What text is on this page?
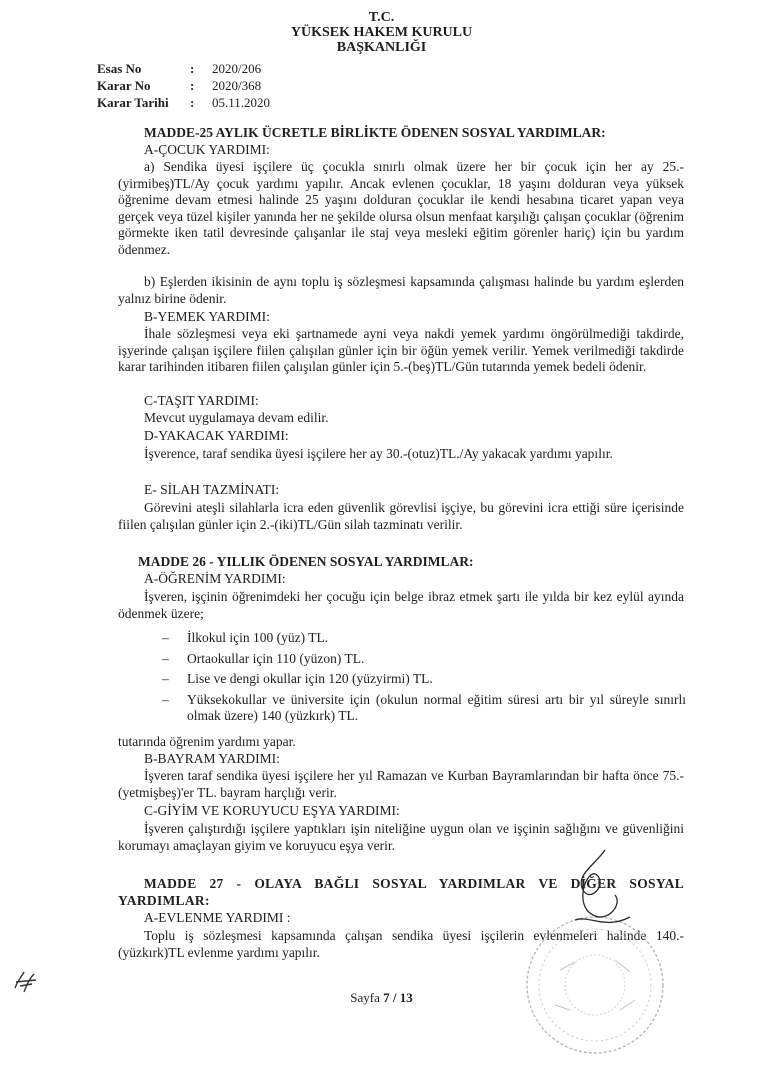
T.C.
YÜKSEK HAKEM KURULU
BAŞKANLIĞI
Esas No	:	2020/206
Karar No	:	2020/368
Karar Tarihi	:	05.11.2020
MADDE-25 AYLIK ÜCRETLE BİRLİKTE ÖDENEN SOSYAL YARDIMLAR:
A-ÇOCUK YARDIMI:
a) Sendika üyesi işçilere üç çocukla sınırlı olmak üzere her bir çocuk için her ay 25.-(yirmibeş)TL/Ay çocuk yardımı yapılır. Ancak evlenen çocuklar, 18 yaşını dolduran veya yüksek öğrenime devam etmesi halinde 25 yaşını dolduran çocuklar ile kendi hesabına ticaret yapan veya gerçek veya tüzel kişiler yanında her ne şekilde olursa olsun menfaat karşılığı çalışan çocuklar (öğrenim görmekte iken tatil devresinde çalışanlar ile staj veya mesleki eğitim görenler hariç) için bu yardım ödenmez.
b) Eşlerden ikisinin de aynı toplu iş sözleşmesi kapsamında çalışması halinde bu yardım eşlerden yalnız birine ödenir.
B-YEMEK YARDIMI:
İhale sözleşmesi veya eki şartnamede ayni veya nakdi yemek yardımı öngörülmediği takdirde, işyerinde çalışan işçilere fiilen çalışılan günler için bir öğün yemek verilir. Yemek verilmediği takdirde karar tarihinden itibaren fiilen çalışılan günler için 5.-(beş)TL/Gün tutarında yemek bedeli ödenir.
C-TAŞIT YARDIMI:
Mevcut uygulamaya devam edilir.
D-YAKACAK YARDIMI:
İşverence, taraf sendika üyesi işçilere her ay 30.-(otuz)TL./Ay yakacak yardımı yapılır.
E- SİLAH TAZMİNATI:
Görevini ateşli silahlarla icra eden güvenlik görevlisi işçiye, bu görevini icra ettiği süre içerisinde fiilen çalışılan günler için 2.-(iki)TL/Gün silah tazminatı verilir.
MADDE 26 - YILLIK ÖDENEN SOSYAL YARDIMLAR:
A-ÖĞRENİM YARDIMI:
İşveren, işçinin öğrenimdeki her çocuğu için belge ibraz etmek şartı ile yılda bir kez eylül ayında ödenmek üzere;
– İlkokul için 100 (yüz) TL.
– Ortaokullar için 110 (yüzon) TL.
– Lise ve dengi okullar için 120 (yüzyirmi) TL.
– Yüksekokullar ve üniversite için (okulun normal eğitim süresi artı bir yıl süreyle sınırlı olmak üzere) 140 (yüzkırk) TL.
tutarında öğrenim yardımı yapar.
B-BAYRAM YARDIMI:
İşveren taraf sendika üyesi işçilere her yıl Ramazan ve Kurban Bayramlarından bir hafta önce 75.-(yetmişbeş)'er TL. bayram harçlığı verir.
C-GİYİM VE KORUYUCU EŞYA YARDIMI:
İşveren çalıştırdığı işçilere yaptıkları işin niteliğine uygun olan ve işçinin sağlığını ve güvenliğini korumayı amaçlayan giyim ve koruyucu eşya verir.
MADDE 27 - OLAYA BAĞLI SOSYAL YARDIMLAR VE DİĞER SOSYAL YARDIMLAR:
A-EVLENME YARDIMI :
Toplu iş sözleşmesi kapsamında çalışan sendika üyesi işçilerin evlenmeleri halinde 140.-(yüzkırk)TL evlenme yardımı yapılır.
Sayfa 7 / 13
